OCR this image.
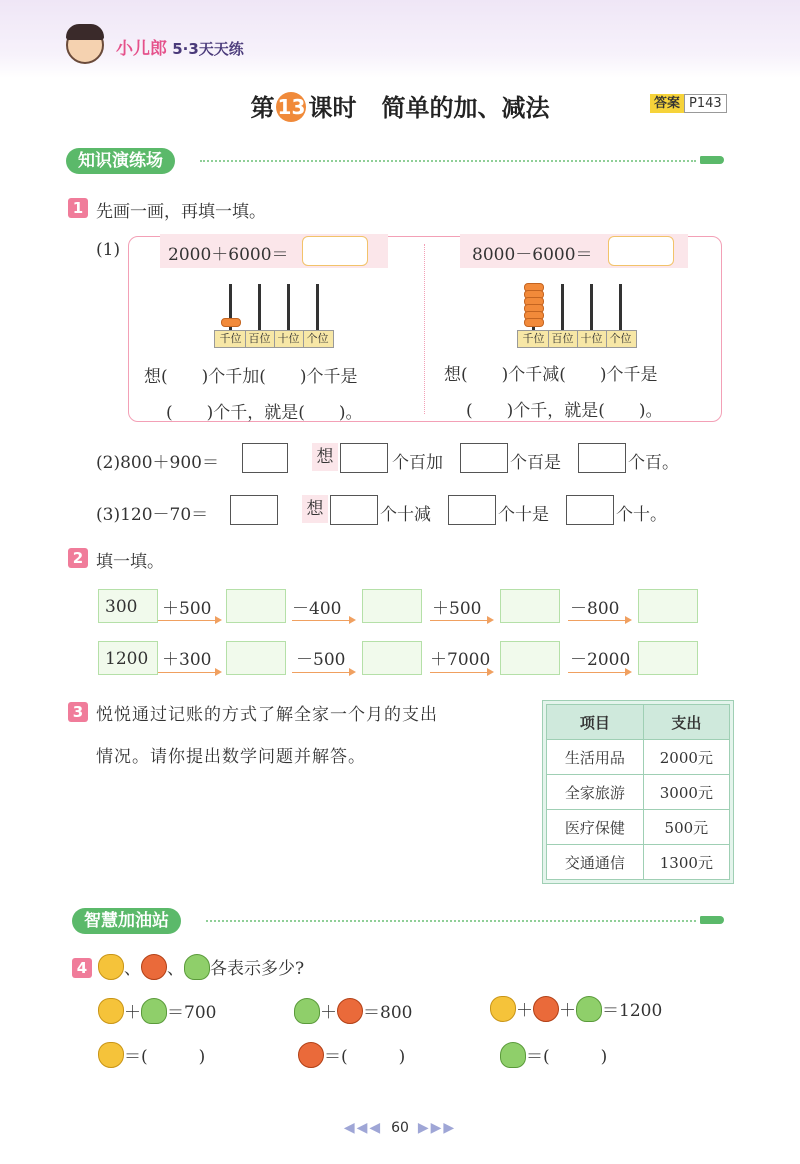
小儿郎 5·3天天练
第 13 课时 简单的加、减法	答案 P143
知识演练场
1 先画一画，再填一填。
(1)	2000＋6000＝
千位 百位 十位 个位
想(　　)个千加(　　)个千是
(　　)个千，就是(　　)。
8000－6000＝
千位 百位 十位 个位
想(　　)个千减(　　)个千是
(　　)个千，就是(　　)。
(2)800＋900＝	想	个百加	个百是	个百。
(3)120－70＝	想	个十减	个十是	个十。
2 填一填。
300	＋500	－400	＋500	－800
1200 ＋300	－500	＋7000	－2000
3 悦悦通过记账的方式了解全家一个月的支出
情况。请你提出数学问题并解答。
项目	支出
生活用品	2000元
全家旅游	3000元
医疗保健	500元
交通通信	1300元
智慧加油站
4	、 、 各表示多少?
＋ ＝700	＋ ＝800	＋ ＋ ＝1200
＝(　　　)	＝(　　　)	＝(　　　)
◀◀◀ 60 ▶▶▶
